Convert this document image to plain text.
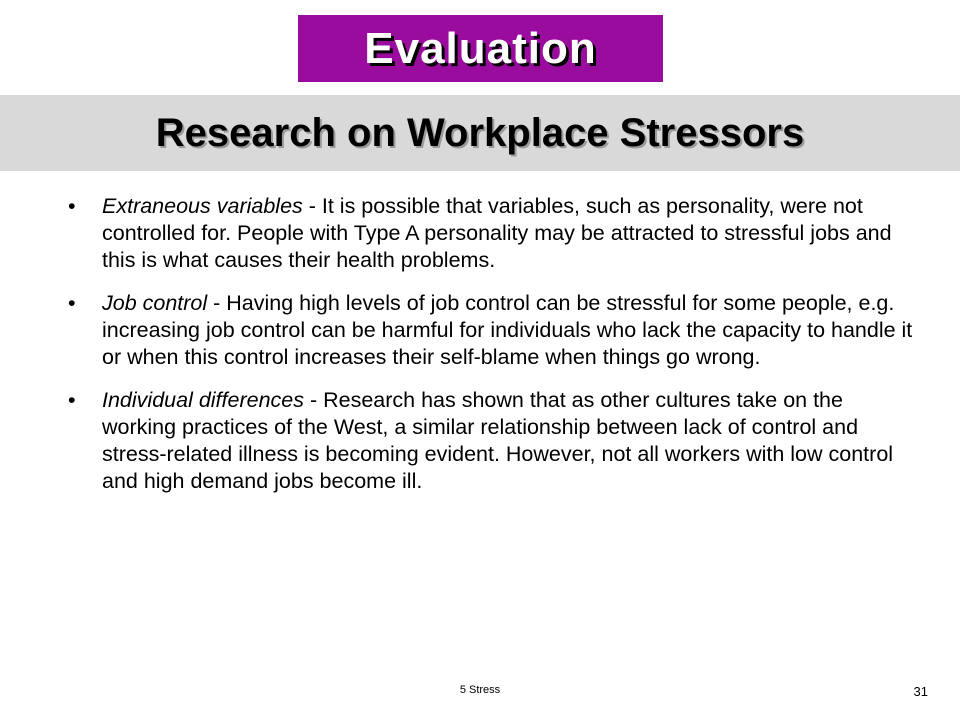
Evaluation
Research on Workplace Stressors
• Extraneous variables - It is possible that variables, such as personality, were not controlled for. People with Type A personality may be attracted to stressful jobs and this is what causes their health problems.
• Job control - Having high levels of job control can be stressful for some people, e.g. increasing job control can be harmful for individuals who lack the capacity to handle it or when this control increases their self-blame when things go wrong.
• Individual differences - Research has shown that as other cultures take on the working practices of the West, a similar relationship between lack of control and stress-related illness is becoming evident. However, not all workers with low control and high demand jobs become ill.
5 Stress	31
